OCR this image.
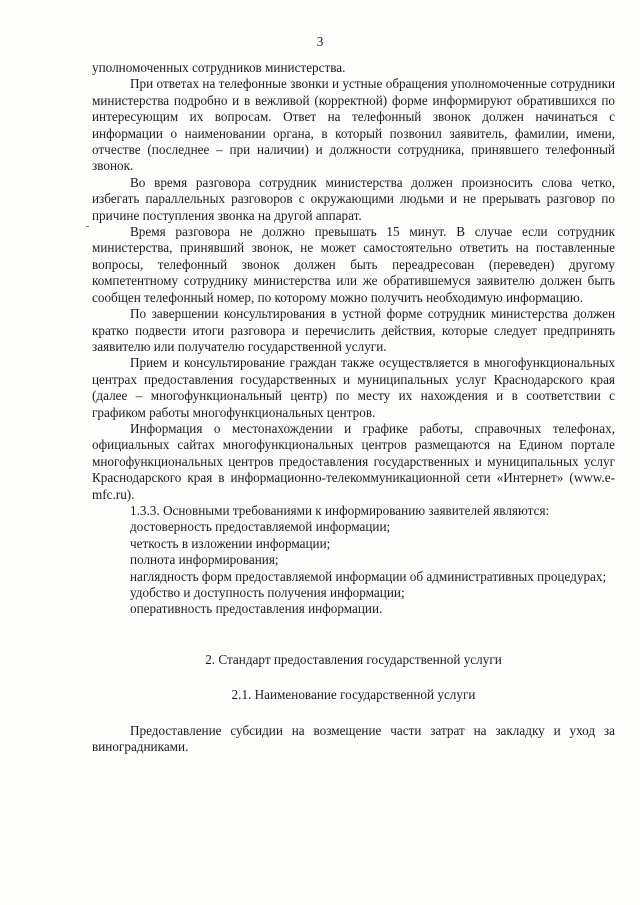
3
-

уполномоченных сотрудников министерства.

При ответах на телефонные звонки и устные обращения уполномоченные сотрудники министерства подробно и в вежливой (корректной) форме информируют обратившихся по интересующим их вопросам. Ответ на телефонный звонок должен начинаться с информации о наименовании органа, в который позвонил заявитель, фамилии, имени, отчестве (последнее – при наличии) и должности сотрудника, принявшего телефонный звонок.

Во время разговора сотрудник министерства должен произносить слова четко, избегать параллельных разговоров с окружающими людьми и не прерывать разговор по причине поступления звонка на другой аппарат.

Время разговора не должно превышать 15 минут. В случае если сотрудник министерства, принявший звонок, не может самостоятельно ответить на поставленные вопросы, телефонный звонок должен быть переадресован (переведен) другому компетентному сотруднику министерства или же обратившемуся заявителю должен быть сообщен телефонный номер, по которому можно получить необходимую информацию.

По завершении консультирования в устной форме сотрудник министерства должен кратко подвести итоги разговора и перечислить действия, которые следует предпринять заявителю или получателю государственной услуги.

Прием и консультирование граждан также осуществляется в многофункциональных центрах предоставления государственных и муниципальных услуг Краснодарского края (далее – многофункциональный центр) по месту их нахождения и в соответствии с графиком работы многофункциональных центров.

Информация о местонахождении и графике работы, справочных телефонах, официальных сайтах многофункциональных центров размещаются на Едином портале многофункциональных центров предоставления государственных и муниципальных услуг Краснодарского края в информационно-телекоммуникационной сети «Интернет» (www.e-mfc.ru).

1.3.3. Основными требованиями к информированию заявителей являются:

достоверность предоставляемой информации;

четкость в изложении информации;

полнота информирования;

наглядность форм предоставляемой информации об административных процедурах;

удобство и доступность получения информации;

оперативность предоставления информации.

2. Стандарт предоставления государственной услуги

2.1. Наименование государственной услуги

Предоставление субсидии на возмещение части затрат на закладку и уход за виноградниками.
